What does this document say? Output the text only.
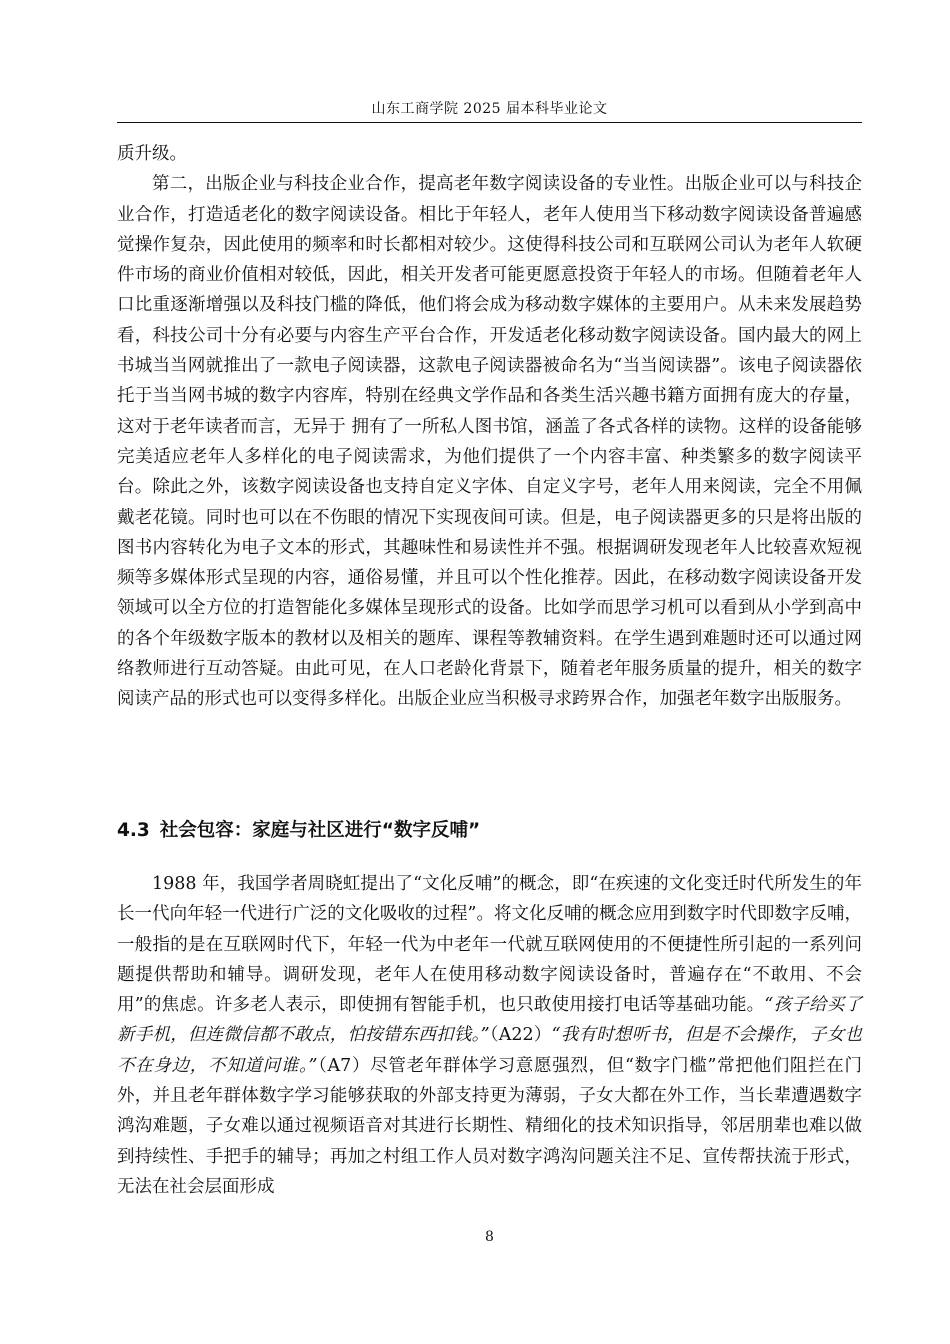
山东工商学院 2025 届本科毕业论文

质升级。

第二，出版企业与科技企业合作，提高老年数字阅读设备的专业性。出版企业可以与科技企业合作，打造适老化的数字阅读设备。相比于年轻人，老年人使用当下移动数字阅读设备普遍感觉操作复杂，因此使用的频率和时长都相对较少。这使得科技公司和互联网公司认为老年人软硬件市场的商业价值相对较低，因此，相关开发者可能更愿意投资于年轻人的市场。但随着老年人口比重逐渐增强以及科技门槛的降低，他们将会成为移动数字媒体的主要用户。从未来发展趋势看，科技公司十分有必要与内容生产平台合作，开发适老化移动数字阅读设备。国内最大的网上书城当当网就推出了一款电子阅读器，这款电子阅读器被命名为“当当阅读器”。该电子阅读器依托于当当网书城的数字内容库，特别在经典文学作品和各类生活兴趣书籍方面拥有庞大的存量，这对于老年读者而言，无异于 拥有了一所私人图书馆，涵盖了各式各样的读物。这样的设备能够完美适应老年人多样化的电子阅读需求，为他们提供了一个内容丰富、种类繁多的数字阅读平台。除此之外，该数字阅读设备也支持自定义字体、自定义字号，老年人用来阅读，完全不用佩戴老花镜。同时也可以在不伤眼的情况下实现夜间可读。但是，电子阅读器更多的只是将出版的图书内容转化为电子文本的形式，其趣味性和易读性并不强。根据调研发现老年人比较喜欢短视频等多媒体形式呈现的内容，通俗易懂，并且可以个性化推荐。因此，在移动数字阅读设备开发领域可以全方位的打造智能化多媒体呈现形式的设备。比如学而思学习机可以看到从小学到高中的各个年级数字版本的教材以及相关的题库、课程等教辅资料。在学生遇到难题时还可以通过网络教师进行互动答疑。由此可见，在人口老龄化背景下，随着老年服务质量的提升，相关的数字阅读产品的形式也可以变得多样化。出版企业应当积极寻求跨界合作，加强老年数字出版服务。

4.3 社会包容：家庭与社区进行“数字反哺”

1988 年，我国学者周晓虹提出了“文化反哺”的概念，即“在疾速的文化变迁时代所发生的年长一代向年轻一代进行广泛的文化吸收的过程”。将文化反哺的概念应用到数字时代即数字反哺，一般指的是在互联网时代下，年轻一代为中老年一代就互联网使用的不便捷性所引起的一系列问题提供帮助和辅导。调研发现，老年人在使用移动数字阅读设备时，普遍存在“不敢用、不会用”的焦虑。许多老人表示，即使拥有智能手机，也只敢使用接打电话等基础功能。“孩子给买了新手机，但连微信都不敢点，怕按错东西扣钱。”（A22）“我有时想听书，但是不会操作，子女也不在身边，不知道问谁。”（A7）尽管老年群体学习意愿强烈，但“数字门槛”常把他们阻拦在门外，并且老年群体数字学习能够获取的外部支持更为薄弱，子女大都在外工作，当长辈遭遇数字鸿沟难题，子女难以通过视频语音对其进行长期性、精细化的技术知识指导，邻居朋辈也难以做到持续性、手把手的辅导；再加之村组工作人员对数字鸿沟问题关注不足、宣传帮扶流于形式，无法在社会层面形成

8
